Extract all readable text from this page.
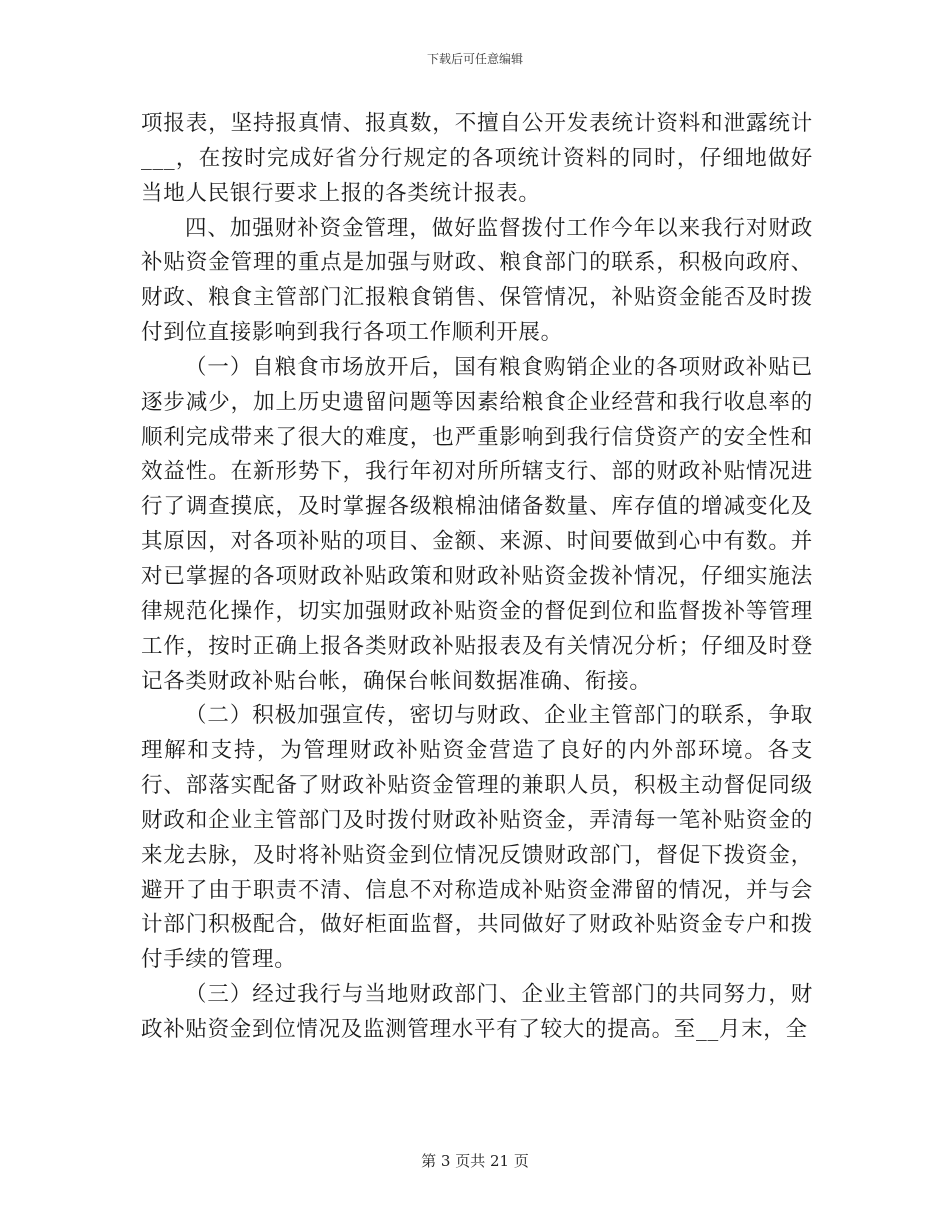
下载后可任意编辑

项报表，坚持报真情、报真数，不擅自公开发表统计资料和泄露统计___，在按时完成好省分行规定的各项统计资料的同时，仔细地做好当地人民银行要求上报的各类统计报表。

四、加强财补资金管理，做好监督拨付工作今年以来我行对财政补贴资金管理的重点是加强与财政、粮食部门的联系，积极向政府、财政、粮食主管部门汇报粮食销售、保管情况，补贴资金能否及时拨付到位直接影响到我行各项工作顺利开展。

（一）自粮食市场放开后，国有粮食购销企业的各项财政补贴已逐步减少，加上历史遗留问题等因素给粮食企业经营和我行收息率的顺利完成带来了很大的难度，也严重影响到我行信贷资产的安全性和效益性。在新形势下，我行年初对所所辖支行、部的财政补贴情况进行了调查摸底，及时掌握各级粮棉油储备数量、库存值的增减变化及其原因，对各项补贴的项目、金额、来源、时间要做到心中有数。并对已掌握的各项财政补贴政策和财政补贴资金拨补情况，仔细实施法律规范化操作，切实加强财政补贴资金的督促到位和监督拨补等管理工作，按时正确上报各类财政补贴报表及有关情况分析；仔细及时登记各类财政补贴台帐，确保台帐间数据准确、衔接。

（二）积极加强宣传，密切与财政、企业主管部门的联系，争取理解和支持，为管理财政补贴资金营造了良好的内外部环境。各支行、部落实配备了财政补贴资金管理的兼职人员，积极主动督促同级财政和企业主管部门及时拨付财政补贴资金，弄清每一笔补贴资金的来龙去脉，及时将补贴资金到位情况反馈财政部门，督促下拨资金，避开了由于职责不清、信息不对称造成补贴资金滞留的情况，并与会计部门积极配合，做好柜面监督，共同做好了财政补贴资金专户和拨付手续的管理。

（三）经过我行与当地财政部门、企业主管部门的共同努力，财政补贴资金到位情况及监测管理水平有了较大的提高。至__月末，全

第 3 页共 21 页
